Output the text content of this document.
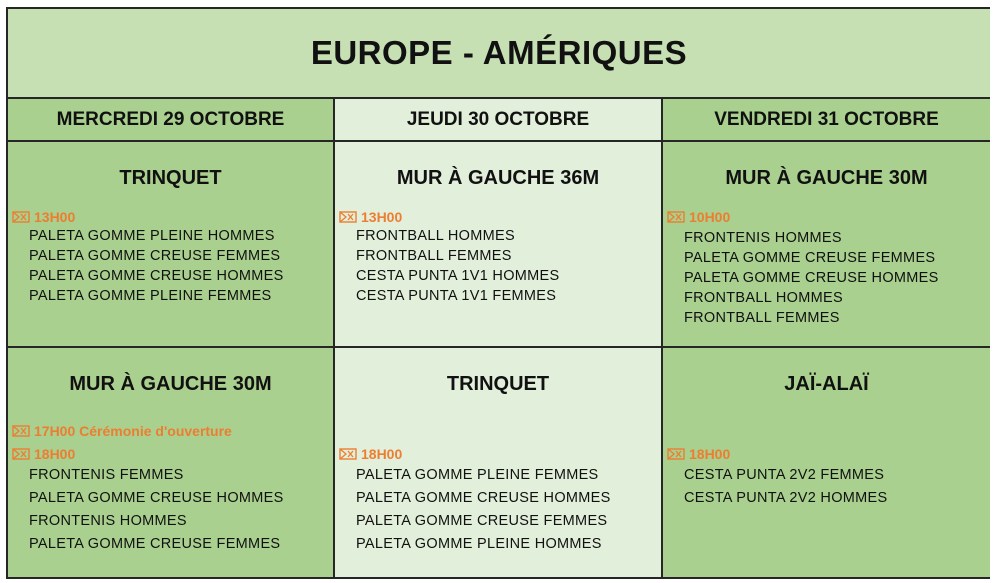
EUROPE - AMÉRIQUES
MERCREDI 29 OCTOBRE	JEUDI 30 OCTOBRE	VENDREDI 31 OCTOBRE
TRINQUET
13H00
PALETA GOMME PLEINE HOMMES
PALETA GOMME CREUSE FEMMES
PALETA GOMME CREUSE HOMMES
PALETA GOMME PLEINE FEMMES
MUR À GAUCHE 36M
13H00
FRONTBALL HOMMES
FRONTBALL FEMMES
CESTA PUNTA 1V1 HOMMES
CESTA PUNTA 1V1 FEMMES
MUR À GAUCHE 30M
10H00
FRONTENIS HOMMES
PALETA GOMME CREUSE FEMMES
PALETA GOMME CREUSE HOMMES
FRONTBALL HOMMES
FRONTBALL FEMMES
MUR À GAUCHE 30M
17H00 Cérémonie d'ouverture
18H00
FRONTENIS FEMMES
PALETA GOMME CREUSE HOMMES
FRONTENIS HOMMES
PALETA GOMME CREUSE FEMMES
TRINQUET
18H00
PALETA GOMME PLEINE FEMMES
PALETA GOMME CREUSE HOMMES
PALETA GOMME CREUSE FEMMES
PALETA GOMME PLEINE HOMMES
JAÏ-ALAÏ
18H00
CESTA PUNTA 2V2 FEMMES
CESTA PUNTA 2V2 HOMMES
